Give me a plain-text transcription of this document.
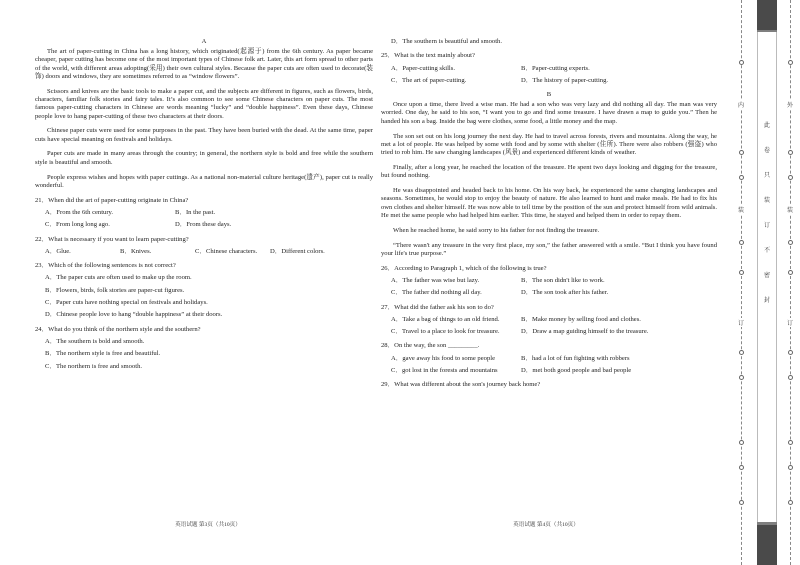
A

The art of paper-cutting in China has a long history, which originated(起源于) from the 6th century. As paper became cheaper, paper cutting has become one of the most important types of Chinese folk art. Later, this art form spread to other parts of the world, with different areas adopting(采用) their own cultural styles. Because the paper cuts are often used to decorate(装饰) doors and windows, they are sometimes referred to as “window flowers”.

Scissors and knives are the basic tools to make a paper cut, and the subjects are different in figures, such as flowers, birds, characters, familiar folk stories and fairy tales. It’s also common to see some Chinese characters on paper cuts. The most famous paper-cutting characters in Chinese are words meaning “lucky” and “double happiness”. Even these days, Chinese people love to hang paper-cutting of these two characters at their doors.

Chinese paper cuts were used for some purposes in the past. They have been buried with the dead. At the same time, paper cuts have special meaning on festivals and holidays.

Paper cuts are made in many areas through the country; in general, the northern style is bold and free while the southern style is beautiful and smooth.

People express wishes and hopes with paper cuttings. As a national non-material culture heritage(遗产), paper cut is really wonderful.

21．When did the art of paper-cutting originate in China?
A．From the 6th century.	B．In the past.
C．From long long ago.	D．From these days.
22．What is necessary if you want to learn paper-cutting?
A．Glue.	B．Knives.	C．Chinese characters.	D．Different colors.
23．Which of the following sentences is not correct?
A．The paper cuts are often used to make up the room.
B．Flowers, birds, folk stories are paper-cut figures.
C．Paper cuts have nothing special on festivals and holidays.
D．Chinese people love to hang “double happiness” at their doors.
24．What do you think of the northern style and the southern?
A．The southern is bold and smooth.
B．The northern style is free and beautiful.
C．The northern is free and smooth.
D．The southern is beautiful and smooth.
25．What is the text mainly about?
A．Paper-cutting skills.	B．Paper-cutting experts.
C．The art of paper-cutting.	D．The history of paper-cutting.
B

Once upon a time, there lived a wise man. He had a son who was very lazy and did nothing all day. The man was very worried. One day, he said to his son, “I want you to go and find some treasure. I have drawn a map to guide you.” Then he handed his son a bag. Inside the bag were clothes, some food, a little money and the map.

The son set out on his long journey the next day. He had to travel across forests, rivers and mountains. Along the way, he met a lot of people. He was helped by some with food and by some with shelter (住所). There were also robbers (强盗) who tried to rob him. He saw changing landscapes (风景) and experienced different kinds of weather.

Finally, after a long year, he reached the location of the treasure. He spent two days looking and digging for the treasure, but found nothing.

He was disappointed and headed back to his home. On his way back, he experienced the same changing landscapes and seasons. Sometimes, he would stop to enjoy the beauty of nature. He also learned to hunt and make meals. He had to fix his own clothes and shelter himself. He was now able to tell time by the position of the sun and protect himself from wild animals. He met the same people who had helped him earlier. This time, he stayed and helped them in order to repay them.

When he reached home, he said sorry to his father for not finding the treasure.

“There wasn't any treasure in the very first place, my son,” the father answered with a smile. “But I think you have found your life's true purpose.”

26．According to Paragraph 1, which of the following is true?
A．The father was wise but lazy.	B．The son didn't like to work.
C．The father did nothing all day.	D．The son took after his father.
27．What did the father ask his son to do?
A．Take a bag of things to an old friend.	B．Make money by selling food and clothes.
C．Travel to a place to look for treasure.	D．Draw a map guiding himself to the treasure.
28．On the way, the son _________.
A．gave away his food to some people	B．had a lot of fun fighting with robbers
C．got lost in the forests and mountains	D．met both good people and bad people
29．What was different about the son's journey back home?
英语试题 第3页（共10页）	英语试题 第4页（共10页）
此
卷
只
装
订
不
密
封
内
装
订
外
装
订
